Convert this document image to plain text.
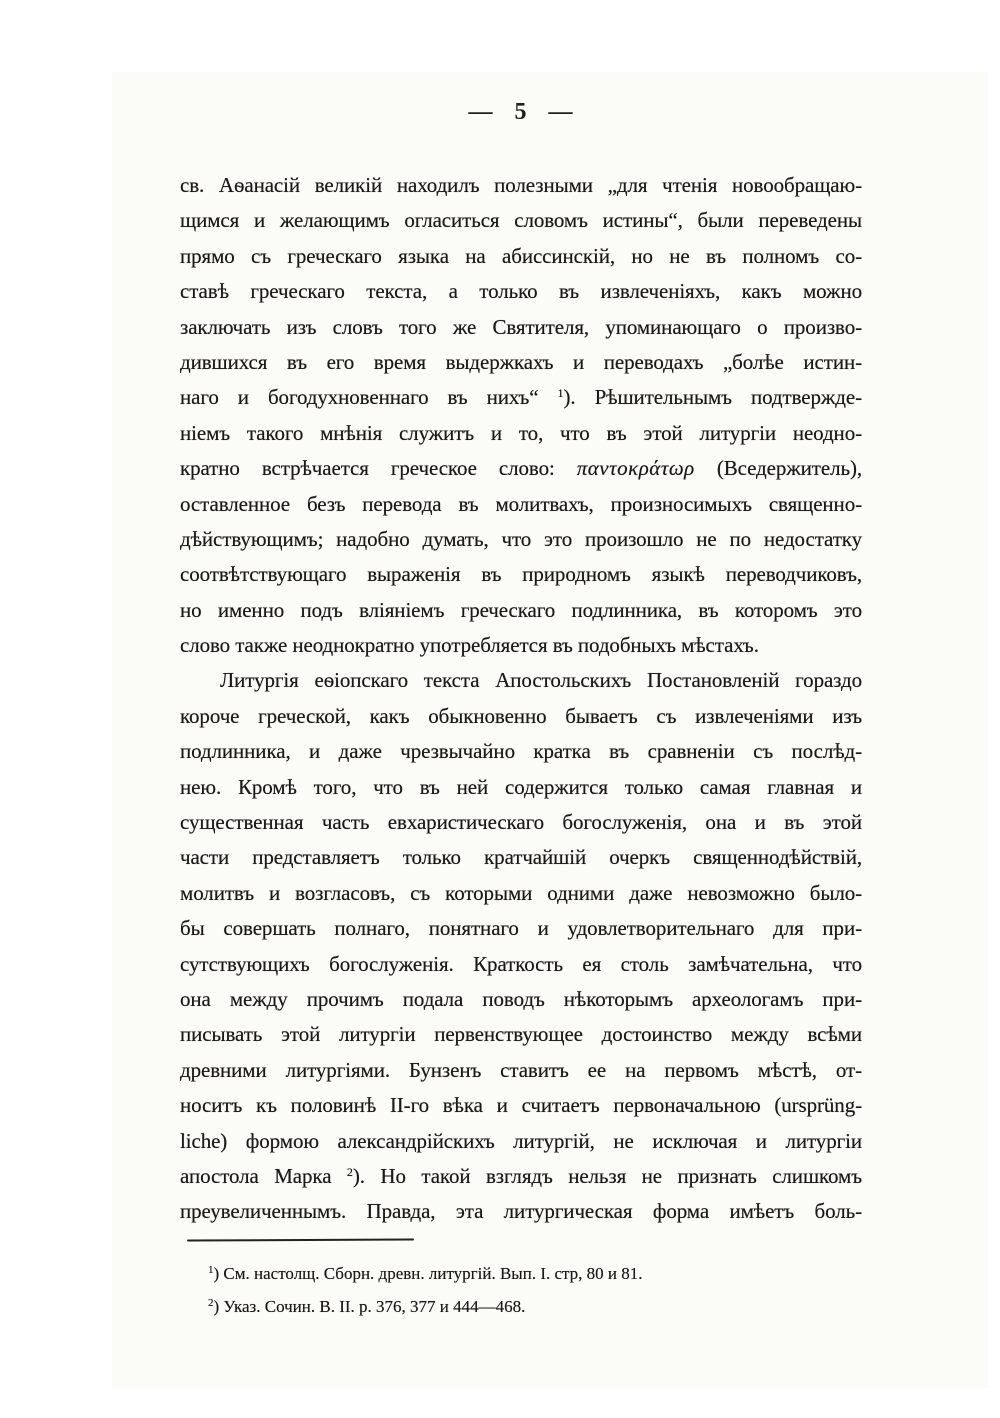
— 5 —
св. Аѳанасій великій находилъ полезными „для чтенія новообращаю-
щимся и желающимъ огласиться словомъ истины“, были переведены
прямо съ греческаго языка на абиссинскій, но не въ полномъ со-
ставѣ греческаго текста, а только въ извлеченіяхъ, какъ можно
заключать изъ словъ того же Святителя, упоминающаго о произво-
дившихся въ его время выдержкахъ и переводахъ „болѣе истин-
наго и богодухновеннаго въ нихъ“ $^1$). Рѣшительнымъ подтвержде-
ніемъ такого мнѣнія служитъ и то, что въ этой литургіи неодно-
кратно встрѣчается греческое слово: παντοκράτωρ (Вседержитель),
оставленное безъ перевода въ молитвахъ, произносимыхъ священно-
дѣйствующимъ; надобно думать, что это произошло не по недостатку
соотвѣтствующаго выраженія въ природномъ языкѣ переводчиковъ,
но именно подъ вліяніемъ греческаго подлинника, въ которомъ это
слово также неоднократно употребляется въ подобныхъ мѣстахъ.
Литургія еѳіопскаго текста Апостольскихъ Постановленій гораздо
короче греческой, какъ обыкновенно бываетъ съ извлеченіями изъ
подлинника, и даже чрезвычайно кратка въ сравненіи съ послѣд-
нею. Кромѣ того, что въ ней содержится только самая главная и
существенная часть евхаристическаго богослуженія, она и въ этой
части представляетъ только кратчайшій очеркъ священнодѣйствій,
молитвъ и возгласовъ, съ которыми одними даже невозможно было-
бы совершать полнаго, понятнаго и удовлетворительнаго для при-
сутствующихъ богослуженія. Краткость ея столь замѣчательна, что
она между прочимъ подала поводъ нѣкоторымъ археологамъ при-
писывать этой литургіи первенствующее достоинство между всѣми
древними литургіями. Бунзенъ ставитъ ее на первомъ мѣстѣ, от-
носитъ къ половинѣ II-го вѣка и считаетъ первоначальною (ursprüng-
liche) формою александрійскихъ литургій, не исключая и литургіи
апостола Марка $^2$). Но такой взглядъ нельзя не признать слишкомъ
преувеличеннымъ. Правда, эта литургическая форма имѣетъ боль-
$^1$) См. настолщ. Сборн. древн. литургій. Вып. I. стр, 80 и 81.
$^2$) Указ. Сочин. В. II. p. 376, 377 и 444—468.
